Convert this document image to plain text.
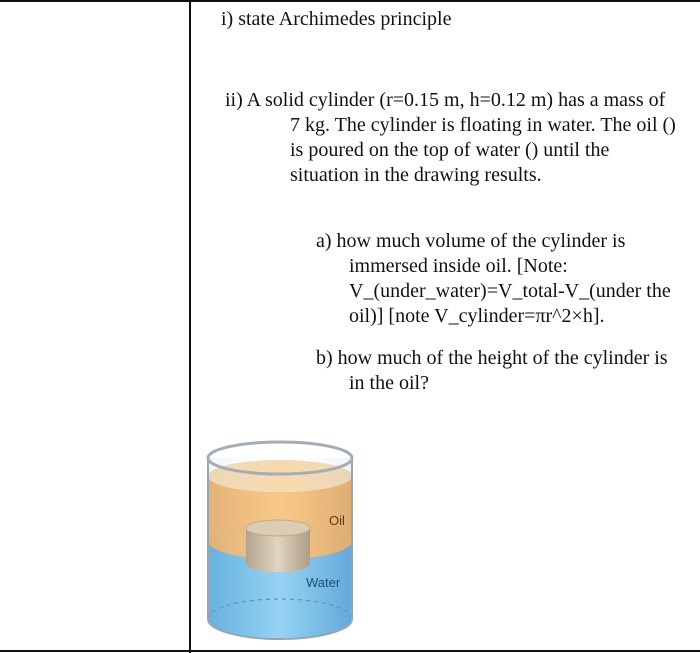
i) state Archimedes principle

ii) A solid cylinder (r=0.15 m, h=0.12 m) has a mass of
7 kg. The cylinder is floating in water. The oil () is poured on the top of water () until the situation in the drawing results.
a) how much volume of the cylinder is
immersed inside oil. [Note: V_(under_water)=V_total-V_(under the oil)] [note V_cylinder=πr^2×h].
b) how much of the height of the cylinder is
in the oil?
Oil
Water
